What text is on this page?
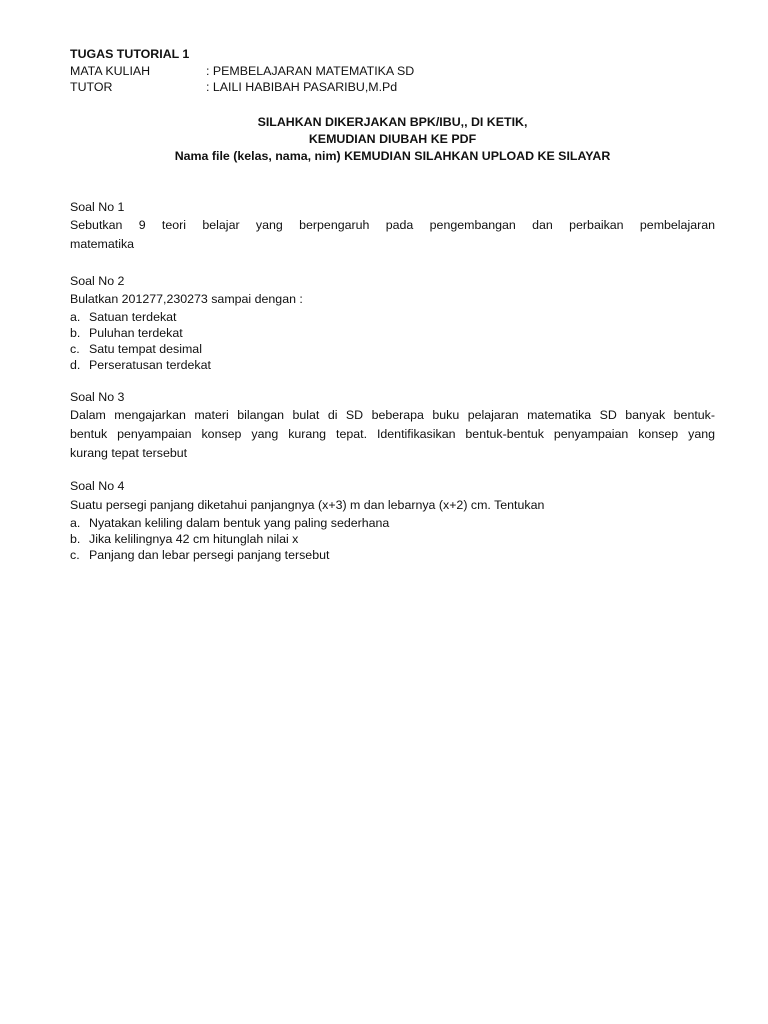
TUGAS TUTORIAL 1
MATA KULIAH	: PEMBELAJARAN MATEMATIKA SD
TUTOR	: LAILI HABIBAH PASARIBU,M.Pd
SILAHKAN DIKERJAKAN BPK/IBU,, DI KETIK,
KEMUDIAN DIUBAH KE PDF
Nama file (kelas, nama, nim) KEMUDIAN SILAHKAN UPLOAD KE SILAYAR
Soal No 1
Sebutkan 9 teori belajar yang berpengaruh pada pengembangan dan perbaikan pembelajaran
matematika
Soal No 2
Bulatkan 201277,230273 sampai dengan :
a. Satuan terdekat
b. Puluhan terdekat
c. Satu tempat desimal
d. Perseratusan terdekat
Soal No 3
Dalam mengajarkan materi bilangan bulat di SD beberapa buku pelajaran matematika SD banyak bentuk-
bentuk penyampaian konsep yang kurang tepat. Identifikasikan bentuk-bentuk penyampaian konsep yang
kurang tepat tersebut
Soal No 4
Suatu persegi panjang diketahui panjangnya (x+3) m dan lebarnya (x+2) cm. Tentukan
a. Nyatakan keliling dalam bentuk yang paling sederhana
b. Jika kelilingnya 42 cm hitunglah nilai x
c. Panjang dan lebar persegi panjang tersebut
